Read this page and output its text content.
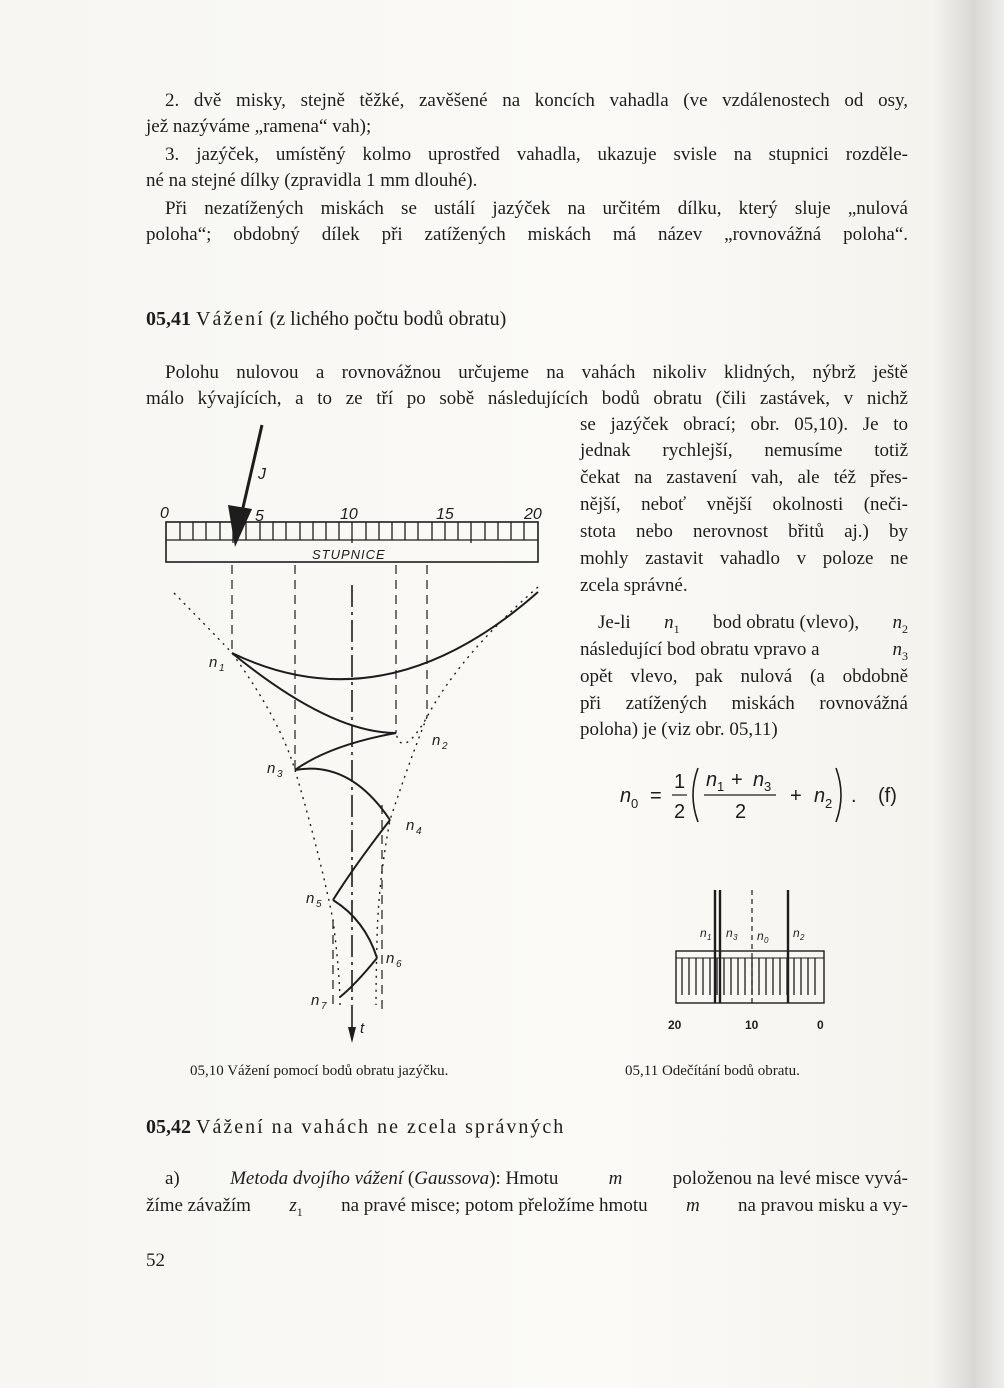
2. dvě misky, stejně těžké, zavěšené na koncích vahadla (ve vzdálenostech od osy,

jež nazýváme „ramena“ vah);

3. jazýček, umístěný kolmo uprostřed vahadla, ukazuje svisle na stupnici rozděle-

né na stejné dílky (zpravidla 1 mm dlouhé).

Při nezatížených miskách se ustálí jazýček na určitém dílku, který sluje „nulová

poloha“; obdobný dílek při zatížených miskách má název „rovnovážná poloha“.

05,41 Vážení (z lichého počtu bodů obratu)

Polohu nulovou a rovnovážnou určujeme na vahách nikoliv klidných, nýbrž ještě

málo kývajících, a to ze tří po sobě následujících bodů obratu (čili zastávek, v nichž

se jazýček obrací; obr. 05,10). Je to

jednak rychlejší, nemusíme totiž

čekat na zastavení vah, ale též přes-

nější, neboť vnější okolnosti (neči-

stota nebo nerovnost břitů aj.) by

mohly zastavit vahadlo v poloze ne

zcela správné.

Je-li $n_1$ bod obratu (vlevo), $n_2$

následující bod obratu vpravo a	$n_3$

opět vlevo, pak nulová (a obdobně

při zatížených miskách rovnovážná

poloha) je (viz obr. 05,11)

n 0 =
1
2
n 1 + n 3
2
+ n 2 . (f)
0	5	10	15	20
J
STUPNICE
n 1
n 2
n 3
n 4
n 5
n 6
n 7
t

05,10 Vážení pomocí bodů obratu jazýčku.

n 1 n 3 n 0
n 2
20	10	0

05,11 Odečítání bodů obratu.

05,42 Vážení na vahách ne zcela správných

a)	Metoda dvojího vážení (Gaussova): Hmotu	m	položenou na levé misce vyvá-

žíme závažím $z_1$ na pravé misce; potom přeložíme hmotu m na pravou misku a vy-

52
